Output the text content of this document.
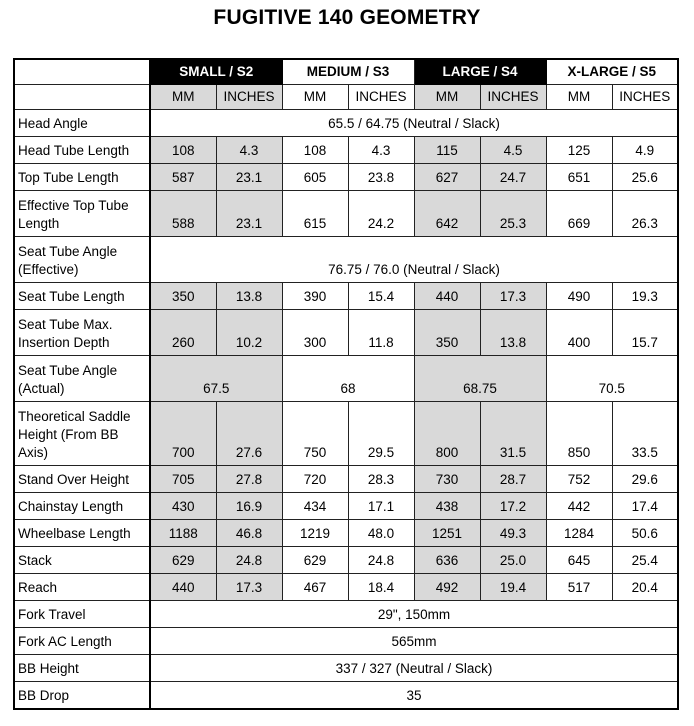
FUGITIVE 140 GEOMETRY
	SMALL / S2		MEDIUM / S3		LARGE / S4		X-LARGE / S5	
	MM	INCHES	MM	INCHES	MM	INCHES	MM	INCHES
Head Angle	65.5 / 64.75 (Neutral / Slack)							
Head Tube Length	108	4.3	108	4.3	115	4.5	125	4.9
Top Tube Length	587	23.1	605	23.8	627	24.7	651	25.6
Effective Top Tube Length	588	23.1	615	24.2	642	25.3	669	26.3
Seat Tube Angle (Effective)	76.75 / 76.0 (Neutral / Slack)							
Seat Tube Length	350	13.8	390	15.4	440	17.3	490	19.3
Seat Tube Max. Insertion Depth	260	10.2	300	11.8	350	13.8	400	15.7
Seat Tube Angle (Actual)	67.5		68		68.75		70.5	
Theoretical Saddle Height (From BB Axis)	700	27.6	750	29.5	800	31.5	850	33.5
Stand Over Height	705	27.8	720	28.3	730	28.7	752	29.6
Chainstay Length	430	16.9	434	17.1	438	17.2	442	17.4
Wheelbase Length	1188	46.8	1219	48.0	1251	49.3	1284	50.6
Stack	629	24.8	629	24.8	636	25.0	645	25.4
Reach	440	17.3	467	18.4	492	19.4	517	20.4
Fork Travel	29", 150mm							
Fork AC Length	565mm							
BB Height	337 / 327 (Neutral / Slack)							
BB Drop	35							
